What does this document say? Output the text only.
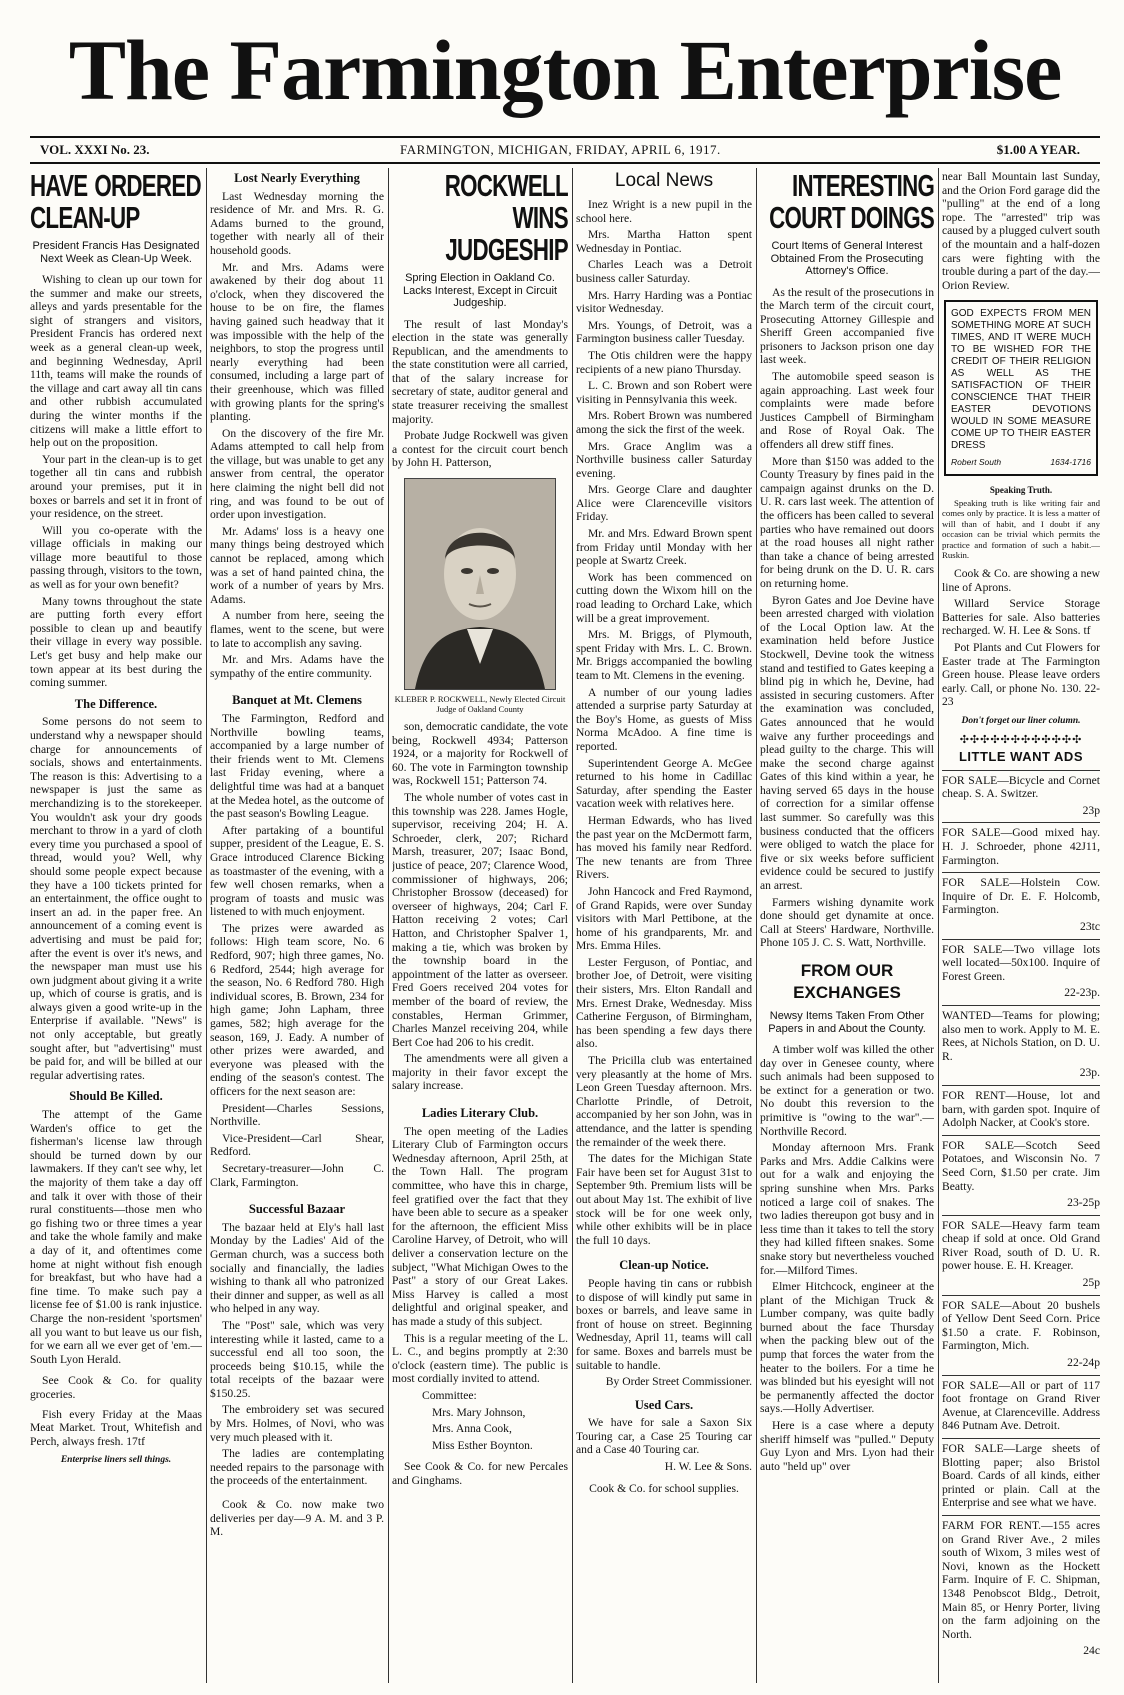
The Farmington Enterprise
VOL. XXXI No. 23.	FARMINGTON, MICHIGAN, FRIDAY, APRIL 6, 1917.	$1.00 A YEAR.
HAVE ORDERED CLEAN-UP
President Francis Has Designated Next Week as Clean-Up Week.

Wishing to clean up our town for the summer and make our streets, alleys and yards presentable for the sight of strangers and visitors, President Francis has ordered next week as a general clean-up week, and beginning Wednesday, April 11th, teams will make the rounds of the village and cart away all tin cans and other rubbish accumulated during the winter months if the citizens will make a little effort to help out on the proposition.

Your part in the clean-up is to get together all tin cans and rubbish around your premises, put it in boxes or barrels and set it in front of your residence, on the street.

Will you co-operate with the village officials in making our village more beautiful to those passing through, visitors to the town, as well as for your own benefit?

Many towns throughout the state are putting forth every effort possible to clean up and beautify their village in every way possible. Let's get busy and help make our town appear at its best during the coming summer.

The Difference.

Some persons do not seem to understand why a newspaper should charge for announcements of socials, shows and entertainments. The reason is this: Advertising to a newspaper is just the same as merchandizing is to the storekeeper. You wouldn't ask your dry goods merchant to throw in a yard of cloth every time you purchased a spool of thread, would you? Well, why should some people expect because they have a 100 tickets printed for an entertainment, the office ought to insert an ad. in the paper free. An announcement of a coming event is advertising and must be paid for; after the event is over it's news, and the newspaper man must use his own judgment about giving it a write up, which of course is gratis, and is always given a good write-up in the Enterprise if available. "News" is not only acceptable, but greatly sought after, but "advertising" must be paid for, and will be billed at our regular advertising rates.

Should Be Killed.

The attempt of the Game Warden's office to get the fisherman's license law through should be turned down by our lawmakers. If they can't see why, let the majority of them take a day off and talk it over with those of their rural constituents—those men who go fishing two or three times a year and take the whole family and make a day of it, and oftentimes come home at night without fish enough for breakfast, but who have had a fine time. To make such pay a license fee of $1.00 is rank injustice. Charge the non-resident 'sportsmen' all you want to but leave us our fish, for we earn all we ever get of 'em.—South Lyon Herald.

See Cook & Co. for quality groceries.

Fish every Friday at the Maas Meat Market. Trout, Whitefish and Perch, always fresh. 17tf

Enterprise liners sell things.
Lost Nearly Everything

Last Wednesday morning the residence of Mr. and Mrs. R. G. Adams burned to the ground, together with nearly all of their household goods.

Mr. and Mrs. Adams were awakened by their dog about 11 o'clock, when they discovered the house to be on fire, the flames having gained such headway that it was impossible with the help of the neighbors, to stop the progress until nearly everything had been consumed, including a large part of their greenhouse, which was filled with growing plants for the spring's planting.

On the discovery of the fire Mr. Adams attempted to call help from the village, but was unable to get any answer from central, the operator here claiming the night bell did not ring, and was found to be out of order upon investigation.

Mr. Adams' loss is a heavy one many things being destroyed which cannot be replaced, among which was a set of hand painted china, the work of a number of years by Mrs. Adams.

A number from here, seeing the flames, went to the scene, but were to late to accomplish any saving.

Mr. and Mrs. Adams have the sympathy of the entire community.

Banquet at Mt. Clemens

The Farmington, Redford and Northville bowling teams, accompanied by a large number of their friends went to Mt. Clemens last Friday evening, where a delightful time was had at a banquet at the Medea hotel, as the outcome of the past season's Bowling League.

After partaking of a bountiful supper, president of the League, E. S. Grace introduced Clarence Bicking as toastmaster of the evening, with a few well chosen remarks, when a program of toasts and music was listened to with much enjoyment.

The prizes were awarded as follows: High team score, No. 6 Redford, 907; high three games, No. 6 Redford, 2544; high average for the season, No. 6 Redford 780. High individual scores, B. Brown, 234 for high game; John Lapham, three games, 582; high average for the season, 169, J. Eady. A number of other prizes were awarded, and everyone was pleased with the ending of the season's contest. The officers for the next season are:

President—Charles Sessions, Northville.

Vice-President—Carl Shear, Redford.

Secretary-treasurer—John C. Clark, Farmington.

Successful Bazaar

The bazaar held at Ely's hall last Monday by the Ladies' Aid of the German church, was a success both socially and financially, the ladies wishing to thank all who patronized their dinner and supper, as well as all who helped in any way.

The "Post" sale, which was very interesting while it lasted, came to a successful end all too soon, the proceeds being $10.15, while the total receipts of the bazaar were $150.25.

The embroidery set was secured by Mrs. Holmes, of Novi, who was very much pleased with it.

The ladies are contemplating needed repairs to the parsonage with the proceeds of the entertainment.

Cook & Co. now make two deliveries per day—9 A. M. and 3 P. M.

ROCKWELL WINS JUDGESHIP
Spring Election in Oakland Co. Lacks Interest, Except in Circuit Judgeship.

The result of last Monday's election in the state was generally Republican, and the amendments to the state constitution were all carried, that of the salary increase for secretary of state, auditor general and state treasurer receiving the smallest majority.

Probate Judge Rockwell was given a contest for the circuit court bench by John H. Patterson,

KLEBER P. ROCKWELL, Newly Elected Circuit Judge of Oakland County

son, democratic candidate, the vote being, Rockwell 4934; Patterson 1924, or a majority for Rockwell of 60. The vote in Farmington township was, Rockwell 151; Patterson 74.

The whole number of votes cast in this township was 228. James Hogle, supervisor, receiving 204; H. A. Schroeder, clerk, 207; Richard Marsh, treasurer, 207; Isaac Bond, justice of peace, 207; Clarence Wood, commissioner of highways, 206; Christopher Brossow (deceased) for overseer of highways, 204; Carl F. Hatton receiving 2 votes; Carl Hatton, and Christopher Spalver 1, making a tie, which was broken by the township board in the appointment of the latter as overseer. Fred Goers received 204 votes for member of the board of review, the constables, Herman Grimmer, Charles Manzel receiving 204, while Bert Coe had 206 to his credit.

The amendments were all given a majority in their favor except the salary increase.

Ladies Literary Club.

The open meeting of the Ladies Literary Club of Farmington occurs Wednesday afternoon, April 25th, at the Town Hall. The program committee, who have this in charge, feel gratified over the fact that they have been able to secure as a speaker for the afternoon, the efficient Miss Caroline Harvey, of Detroit, who will deliver a conservation lecture on the subject, "What Michigan Owes to the Past" a story of our Great Lakes. Miss Harvey is called a most delightful and original speaker, and has made a study of this subject.

This is a regular meeting of the L. L. C., and begins promptly at 2:30 o'clock (eastern time). The public is most cordially invited to attend.

Committee:

Mrs. Mary Johnson,

Mrs. Anna Cook,

Miss Esther Boynton.

See Cook & Co. for new Percales and Ginghams.

Local News

Inez Wright is a new pupil in the school here.

Mrs. Martha Hatton spent Wednesday in Pontiac.

Charles Leach was a Detroit business caller Saturday.

Mrs. Harry Harding was a Pontiac visitor Wednesday.

Mrs. Youngs, of Detroit, was a Farmington business caller Tuesday.

The Otis children were the happy recipients of a new piano Thursday.

L. C. Brown and son Robert were visiting in Pennsylvania this week.

Mrs. Robert Brown was numbered among the sick the first of the week.

Mrs. Grace Anglim was a Northville business caller Saturday evening.

Mrs. George Clare and daughter Alice were Clarenceville visitors Friday.

Mr. and Mrs. Edward Brown spent from Friday until Monday with her people at Swartz Creek.

Work has been commenced on cutting down the Wixom hill on the road leading to Orchard Lake, which will be a great improvement.

Mrs. M. Briggs, of Plymouth, spent Friday with Mrs. L. C. Brown. Mr. Briggs accompanied the bowling team to Mt. Clemens in the evening.

A number of our young ladies attended a surprise party Saturday at the Boy's Home, as guests of Miss Norma McAdoo. A fine time is reported.

Superintendent George A. McGee returned to his home in Cadillac Saturday, after spending the Easter vacation week with relatives here.

Herman Edwards, who has lived the past year on the McDermott farm, has moved his family near Redford. The new tenants are from Three Rivers.

John Hancock and Fred Raymond, of Grand Rapids, were over Sunday visitors with Marl Pettibone, at the home of his grandparents, Mr. and Mrs. Emma Hiles.

Lester Ferguson, of Pontiac, and brother Joe, of Detroit, were visiting their sisters, Mrs. Elton Randall and Mrs. Ernest Drake, Wednesday. Miss Catherine Ferguson, of Birmingham, has been spending a few days there also.

The Pricilla club was entertained very pleasantly at the home of Mrs. Leon Green Tuesday afternoon. Mrs. Charlotte Prindle, of Detroit, accompanied by her son John, was in attendance, and the latter is spending the remainder of the week there.

The dates for the Michigan State Fair have been set for August 31st to September 9th. Premium lists will be out about May 1st. The exhibit of live stock will be for one week only, while other exhibits will be in place the full 10 days.

Clean-up Notice.

People having tin cans or rubbish to dispose of will kindly put same in boxes or barrels, and leave same in front of house on street. Beginning Wednesday, April 11, teams will call for same. Boxes and barrels must be suitable to handle.

By Order Street Commissioner.

Used Cars.

We have for sale a Saxon Six Touring car, a Case 25 Touring car and a Case 40 Touring car.

H. W. Lee & Sons.

Cook & Co. for school supplies.

INTERESTING COURT DOINGS
Court Items of General Interest Obtained From the Prosecuting Attorney's Office.

As the result of the prosecutions in the March term of the circuit court, Prosecuting Attorney Gillespie and Sheriff Green accompanied five prisoners to Jackson prison one day last week.

The automobile speed season is again approaching. Last week four complaints were made before Justices Campbell of Birmingham and Rose of Royal Oak. The offenders all drew stiff fines.

More than $150 was added to the County Treasury by fines paid in the campaign against drunks on the D. U. R. cars last week. The attention of the officers has been called to several parties who have remained out doors at the road houses all night rather than take a chance of being arrested for being drunk on the D. U. R. cars on returning home.

Byron Gates and Joe Devine have been arrested charged with violation of the Local Option law. At the examination held before Justice Stockwell, Devine took the witness stand and testified to Gates keeping a blind pig in which he, Devine, had assisted in securing customers. After the examination was concluded, Gates announced that he would waive any further proceedings and plead guilty to the charge. This will make the second charge against Gates of this kind within a year, he having served 65 days in the house of correction for a similar offense last summer. So carefully was this business conducted that the officers were obliged to watch the place for five or six weeks before sufficient evidence could be secured to justify an arrest.

Farmers wishing dynamite work done should get dynamite at once. Call at Steers' Hardware, Northville. Phone 105 J. C. S. Watt, Northville.

FROM OUR EXCHANGES
Newsy Items Taken From Other Papers in and About the County.

A timber wolf was killed the other day over in Genesee county, where such animals had been supposed to be extinct for a generation or two. No doubt this reversion to the primitive is "owing to the war".—Northville Record.

Monday afternoon Mrs. Frank Parks and Mrs. Addie Calkins were out for a walk and enjoying the spring sunshine when Mrs. Parks noticed a large coil of snakes. The two ladies thereupon got busy and in less time than it takes to tell the story they had killed fifteen snakes. Some snake story but nevertheless vouched for.—Milford Times.

Elmer Hitchcock, engineer at the plant of the Michigan Truck & Lumber company, was quite badly burned about the face Thursday when the packing blew out of the pump that forces the water from the heater to the boilers. For a time he was blinded but his eyesight will not be permanently affected the doctor says.—Holly Advertiser.

Here is a case where a deputy sheriff himself was "pulled." Deputy Guy Lyon and Mrs. Lyon had their auto "held up" over

near Ball Mountain last Sunday, and the Orion Ford garage did the "pulling" at the end of a long rope. The "arrested" trip was caused by a plugged culvert south of the mountain and a half-dozen cars were fighting with the trouble during a part of the day.—Orion Review.

GOD EXPECTS FROM MEN SOMETHING MORE AT SUCH TIMES, AND IT WERE MUCH TO BE WISHED FOR THE CREDIT OF THEIR RELIGION AS WELL AS THE SATISFACTION OF THEIR CONSCIENCE THAT THEIR EASTER DEVOTIONS WOULD IN SOME MEASURE COME UP TO THEIR EASTER DRESS
Robert South	1634-1716
Speaking Truth.

Speaking truth is like writing fair and comes only by practice. It is less a matter of will than of habit, and I doubt if any occasion can be trivial which permits the practice and formation of such a habit.—Ruskin.

Cook & Co. are showing a new line of Aprons.

Willard Service Storage Batteries for sale. Also batteries recharged. W. H. Lee & Sons. tf

Pot Plants and Cut Flowers for Easter trade at The Farmington Green house. Please leave orders early. Call, or phone No. 130. 22-23

Don't forget our liner column.
✣✣✣✣✣✣✣✣✣✣✣✣
LITTLE WANT ADS

FOR SALE—Bicycle and Cornet cheap. S. A. Switzer.

23p

FOR SALE—Good mixed hay. H. J. Schroeder, phone 42J11, Farmington.

FOR SALE—Holstein Cow. Inquire of Dr. E. F. Holcomb, Farmington.

23tc

FOR SALE—Two village lots well located—50x100. Inquire of Forest Green.

22-23p.

WANTED—Teams for plowing; also men to work. Apply to M. E. Rees, at Nichols Station, on D. U. R.

23p.

FOR RENT—House, lot and barn, with garden spot. Inquire of Adolph Nacker, at Cook's store.

FOR SALE—Scotch Seed Potatoes, and Wisconsin No. 7 Seed Corn, $1.50 per crate. Jim Beatty.

23-25p

FOR SALE—Heavy farm team cheap if sold at once. Old Grand River Road, south of D. U. R. power house. E. H. Kreager.

25p

FOR SALE—About 20 bushels of Yellow Dent Seed Corn. Price $1.50 a crate. F. Robinson, Farmington, Mich.

22-24p

FOR SALE—All or part of 117 foot frontage on Grand River Avenue, at Clarenceville. Address 846 Putnam Ave. Detroit.

FOR SALE—Large sheets of Blotting paper; also Bristol Board. Cards of all kinds, either printed or plain. Call at the Enterprise and see what we have.

FARM FOR RENT.—155 acres on Grand River Ave., 2 miles south of Wixom, 3 miles west of Novi, known as the Hockett Farm. Inquire of F. C. Shipman, 1348 Penobscot Bldg., Detroit, Main 85, or Henry Porter, living on the farm adjoining on the North.

24c
